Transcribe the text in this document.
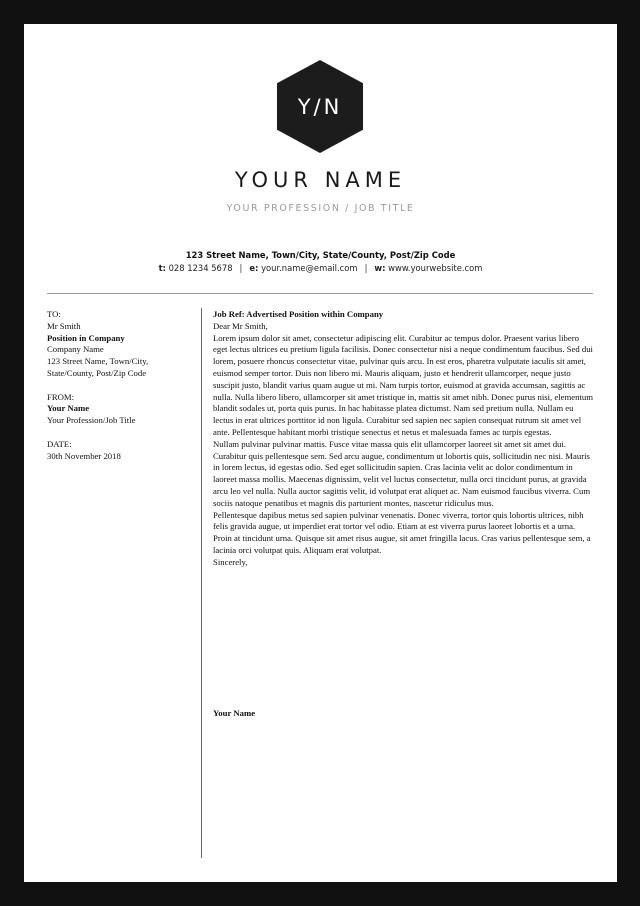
Y/N
YOUR NAME
YOUR PROFESSION / JOB TITLE
123 Street Name, Town/City, State/County, Post/Zip Code
t: 028 1234 5678 | e: your.name@email.com | w: www.yourwebsite.com
TO:
Mr Smith
Position in Company
Company Name
123 Street Name, Town/City,
State/County, Post/Zip Code
FROM:
Your Name
Your Profession/Job Title
DATE:
30th November 2018

Job Ref: Advertised Position within Company

Dear Mr Smith,

Lorem ipsum dolor sit amet, consectetur adipiscing elit. Curabitur ac tempus dolor. Praesent varius libero eget lectus ultrices eu pretium ligula facilisis. Donec consectetur nisi a neque condimentum faucibus. Sed dui lorem, posuere rhoncus consectetur vitae, pulvinar quis arcu. In est eros, pharetra vulputate iaculis sit amet, euismod semper tortor. Duis non libero mi. Mauris aliquam, justo et hendrerit ullamcorper, neque justo suscipit justo, blandit varius quam augue ut mi. Nam turpis tortor, euismod at gravida accumsan, sagittis ac nulla. Nulla libero libero, ullamcorper sit amet tristique in, mattis sit amet nibh. Donec purus nisi, elementum blandit sodales ut, porta quis purus. In hac habitasse platea dictumst. Nam sed pretium nulla. Nullam eu lectus in erat ultrices porttitor id non ligula. Curabitur sed sapien nec sapien consequat rutrum sit amet vel ante. Pellentesque habitant morbi tristique senectus et netus et malesuada fames ac turpis egestas.

Nullam pulvinar pulvinar mattis. Fusce vitae massa quis elit ullamcorper laoreet sit amet sit amet dui. Curabitur quis pellentesque sem. Sed arcu augue, condimentum ut lobortis quis, sollicitudin nec nisi. Mauris in lorem lectus, id egestas odio. Sed eget sollicitudin sapien. Cras lacinia velit ac dolor condimentum in laoreet massa mollis. Maecenas dignissim, velit vel luctus consectetur, nulla orci tincidunt purus, at gravida arcu leo vel nulla. Nulla auctor sagittis velit, id volutpat erat aliquet ac. Nam euismod faucibus viverra. Cum sociis natoque penatibus et magnis dis parturient montes, nascetur ridiculus mus.

Pellentesque dapibus metus sed sapien pulvinar venenatis. Donec viverra, tortor quis lobortis ultrices, nibh felis gravida augue, ut imperdiet erat tortor vel odio. Etiam at est viverra purus laoreet lobortis et a urna. Proin at tincidunt urna. Quisque sit amet risus augue, sit amet fringilla lacus. Cras varius pellentesque sem, a lacinia orci volutpat quis. Aliquam erat volutpat.

Sincerely,

Your Name
